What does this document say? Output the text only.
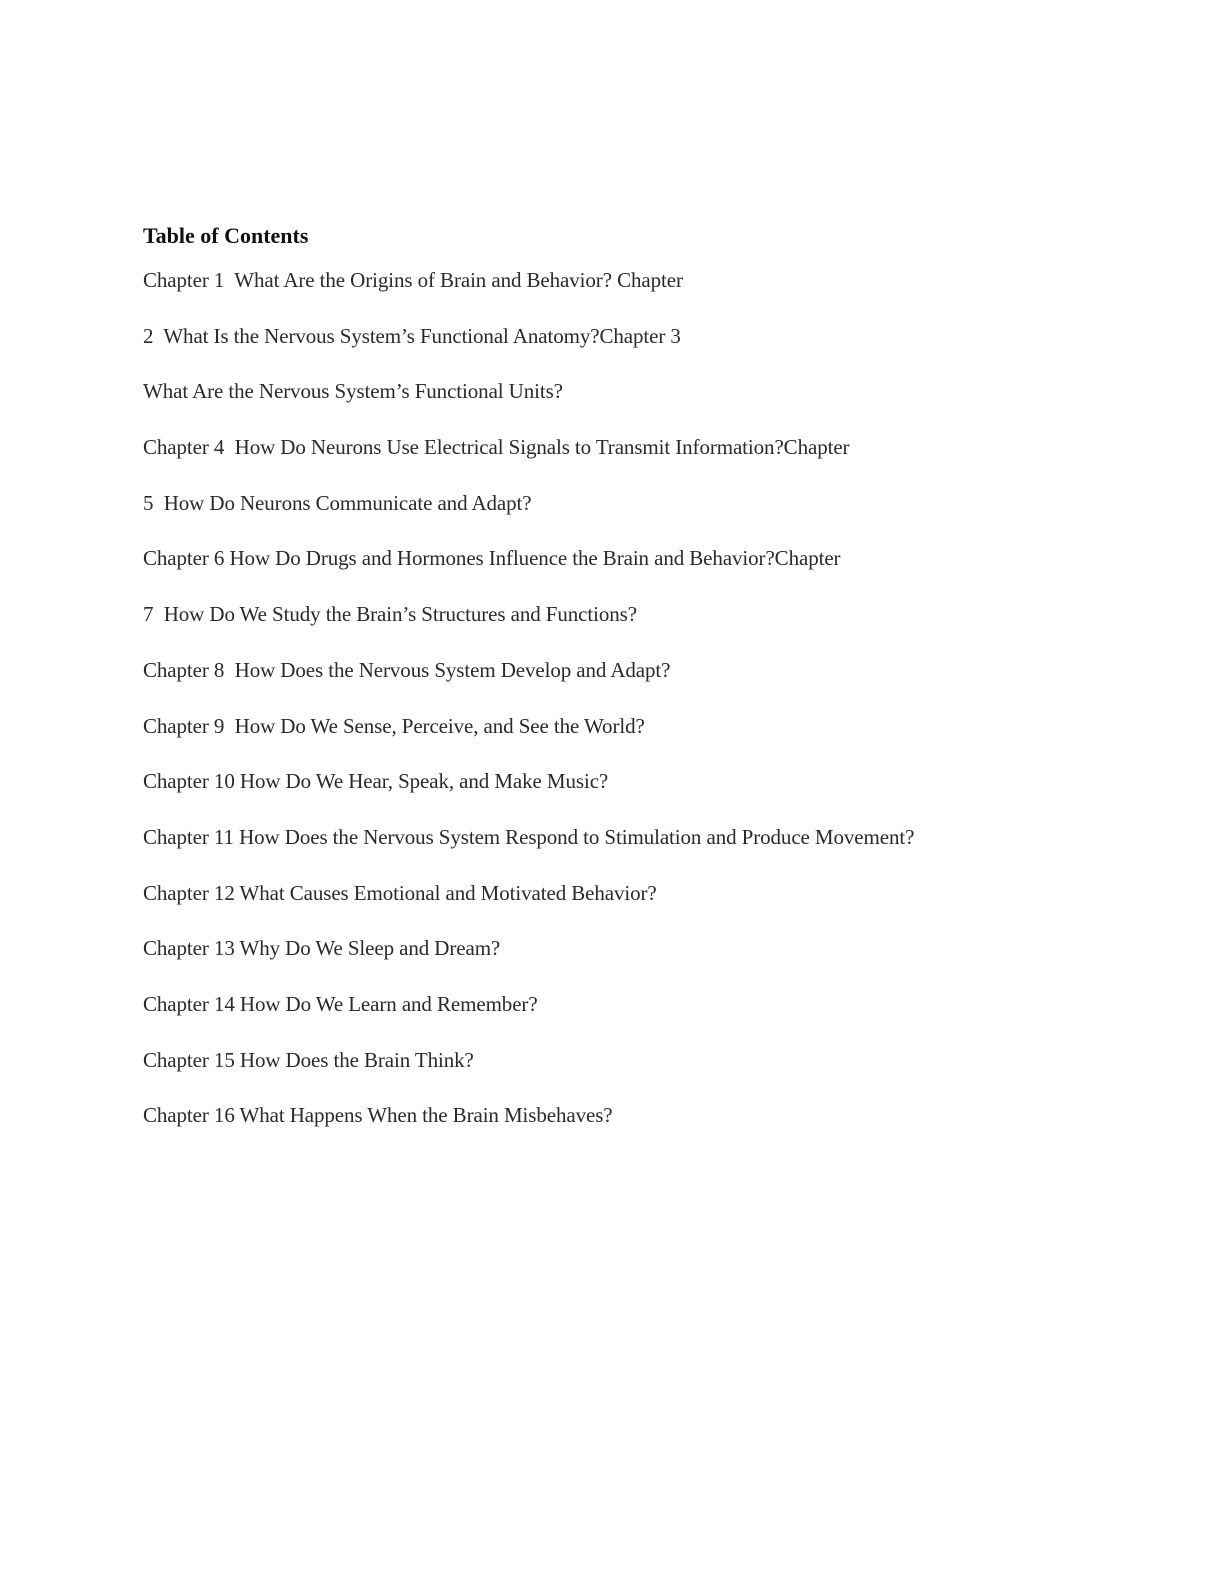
Table of Contents
Chapter 1  What Are the Origins of Brain and Behavior? Chapter
2  What Is the Nervous System’s Functional Anatomy?Chapter 3
What Are the Nervous System’s Functional Units?
Chapter 4  How Do Neurons Use Electrical Signals to Transmit Information?Chapter
5  How Do Neurons Communicate and Adapt?
Chapter 6 How Do Drugs and Hormones Influence the Brain and Behavior?Chapter
7  How Do We Study the Brain’s Structures and Functions?
Chapter 8  How Does the Nervous System Develop and Adapt?
Chapter 9  How Do We Sense, Perceive, and See the World?
Chapter 10 How Do We Hear, Speak, and Make Music?
Chapter 11 How Does the Nervous System Respond to Stimulation and Produce Movement?
Chapter 12 What Causes Emotional and Motivated Behavior?
Chapter 13 Why Do We Sleep and Dream?
Chapter 14 How Do We Learn and Remember?
Chapter 15 How Does the Brain Think?
Chapter 16 What Happens When the Brain Misbehaves?
